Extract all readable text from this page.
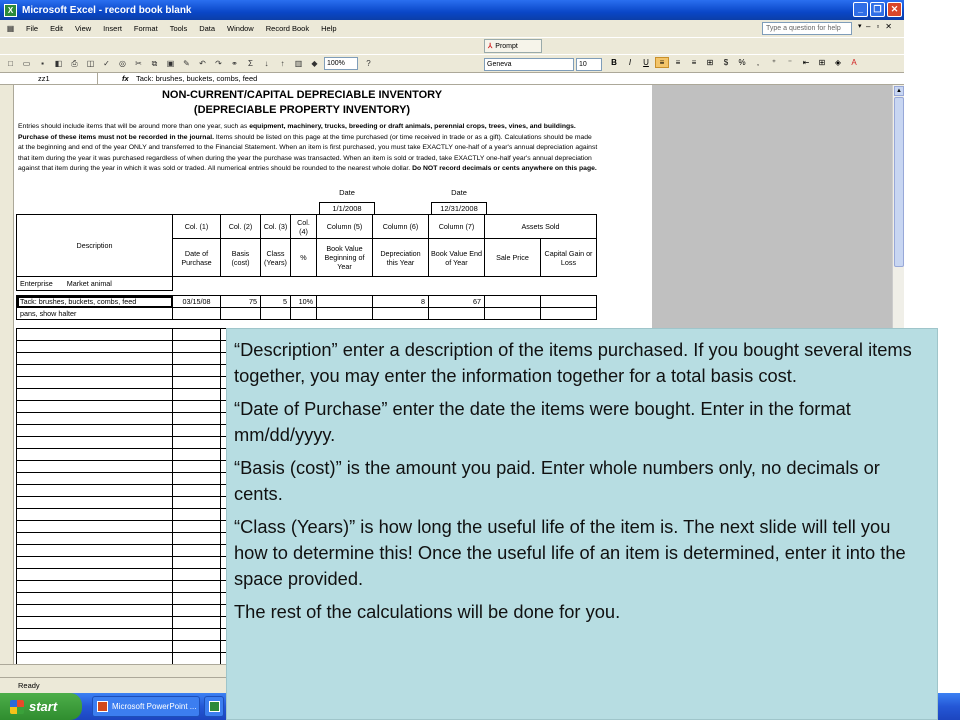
X Microsoft Excel - record book blank	_	❐	✕
▦	File	Edit	View	Insert	Format	Tools	Data	Window	Record Book	Help	Type a question for help	▾ –▫✕
⅄ Prompt
□	▭	▪	◧	⎙	◫	✓	◎	✂	⧉	▣	✎	↶	↷	⚭	Σ	↓	↑	▥	◆	100%	?	Geneva	10	B	I	U	≡	≡	≡	⊞	$	%	,	⁺	⁻	⇤	⊞	◈	A
zz1	fx Tack: brushes, buckets, combs, feed
NON-CURRENT/CAPITAL DEPRECIABLE INVENTORY
(DEPRECIABLE PROPERTY INVENTORY)
Entries should include items that will be around more than one year, such as equipment, machinery, trucks, breeding or draft animals, perennial crops, trees, vines, and buildings. Purchase of these items must not be recorded in the journal. Items should be listed on this page at the time purchased (or time received in trade or as a gift). Calculations should be made at the beginning and end of the year ONLY and transferred to the Financial Statement. When an item is first purchased, you must take EXACTLY one-half of a year's annual depreciation against that item during the year it was purchased regardless of when during the year the purchase was transacted. When an item is sold or traded, take EXACTLY one-half year's annual depreciation against that item during the year in which it was sold or traded. All numerical entries should be rounded to the nearest whole dollar. Do NOT record decimals or cents anywhere on this page.
Date
1/1/2008
Date
12/31/2008
Description	Col. (1)	Col. (2)	Col. (3)	Col. (4)	Column (5)	Column (6)	Column (7)	Assets Sold	
	Date of Purchase	Basis (cost)	Class (Years)	%	Book Value Beginning of Year	Depreciation this Year	Book Value End of Year	Sale Price	Capital Gain or Loss
Enterprise Market animal									

Tack: brushes, buckets, combs, feed	03/15/08	75	5	10%		8	67		
pans, show halter									
▲
Ready
start	Microsoft PowerPoint ...

“Description” enter a description of the items purchased. If you bought several items together, you may enter the information together for a total basis cost.

“Date of Purchase” enter the date the items were bought. Enter in the format mm/dd/yyyy.

“Basis (cost)” is the amount you paid. Enter whole numbers only, no decimals or cents.

“Class (Years)” is how long the useful life of the item is. The next slide will tell you how to determine this! Once the useful life of an item is determined, enter it into the space provided.

The rest of the calculations will be done for you.
